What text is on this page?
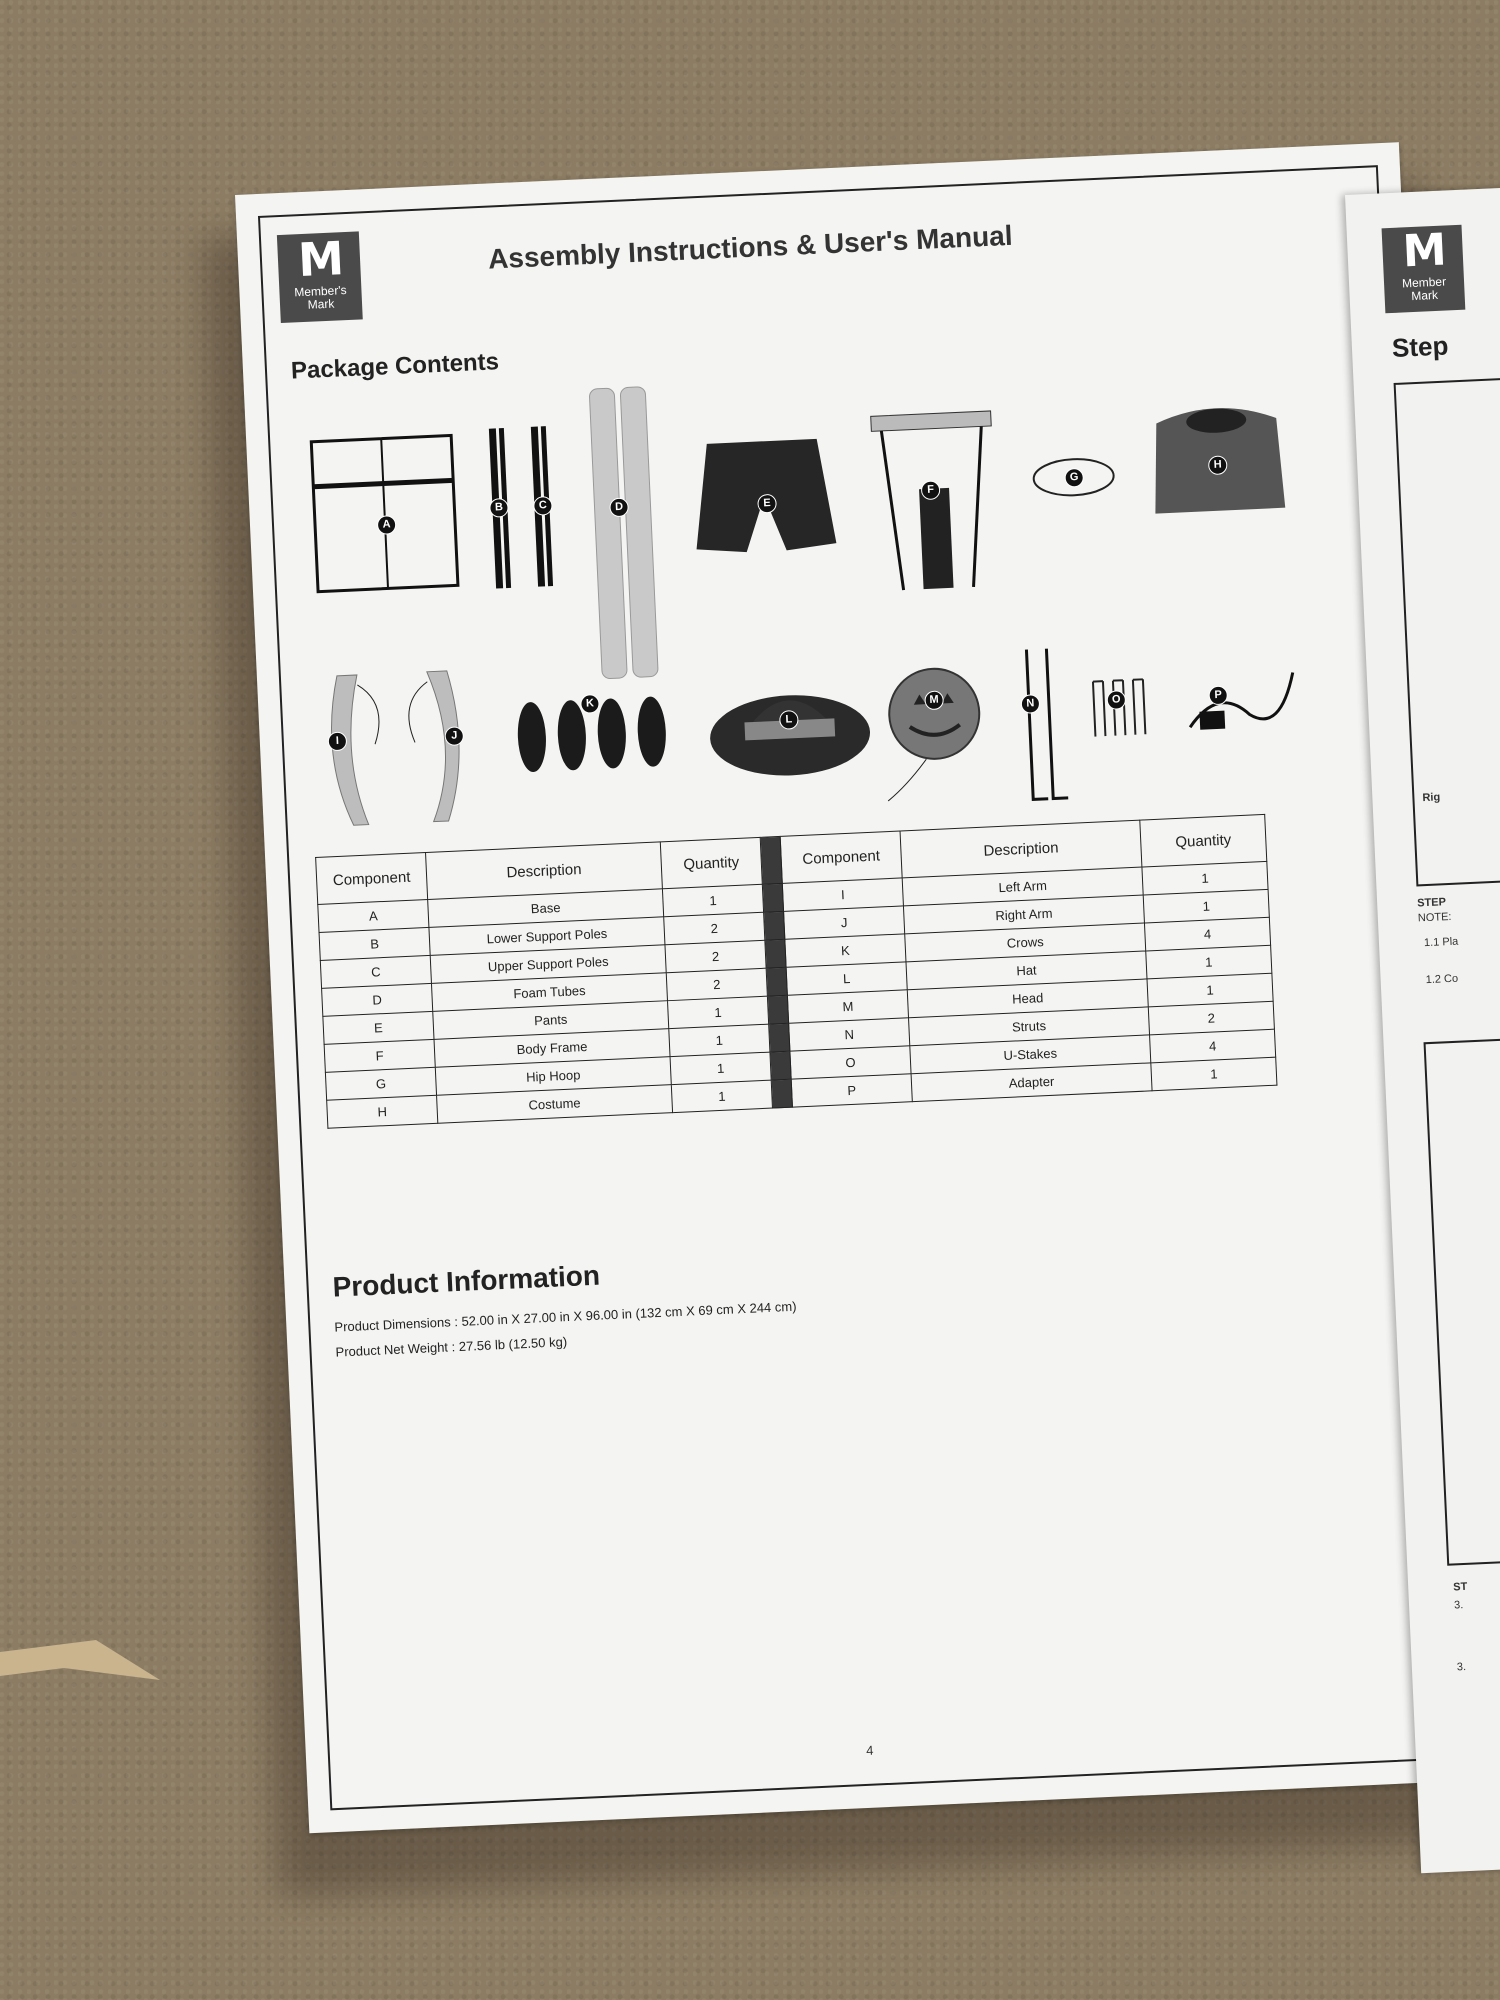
M
Member's
Mark
Assembly Instructions & User's Manual
Package Contents
A
B	C	D	E
F
G
H
I	J
K
L
M	N	O	P
Component	Description	Quantity		Component	Description	Quantity
A	Base	1		I	Left Arm	1
B	Lower Support Poles	2		J	Right Arm	1
C	Upper Support Poles	2		K	Crows	4
D	Foam Tubes	2		L	Hat	1
E	Pants	1		M	Head	1
F	Body Frame	1		N	Struts	2
G	Hip Hoop	1		O	U-Stakes	4
H	Costume	1		P	Adapter	1
Product Information
Product Dimensions : 52.00 in X 27.00 in X 96.00 in (132 cm X 69 cm X 244 cm)
Product Net Weight : 27.56 lb (12.50 kg)
4
M
Member
Mark
Step
Rig
STEP
NOTE:
1.1 Pla
1.2 Co
ST
3.
3.
